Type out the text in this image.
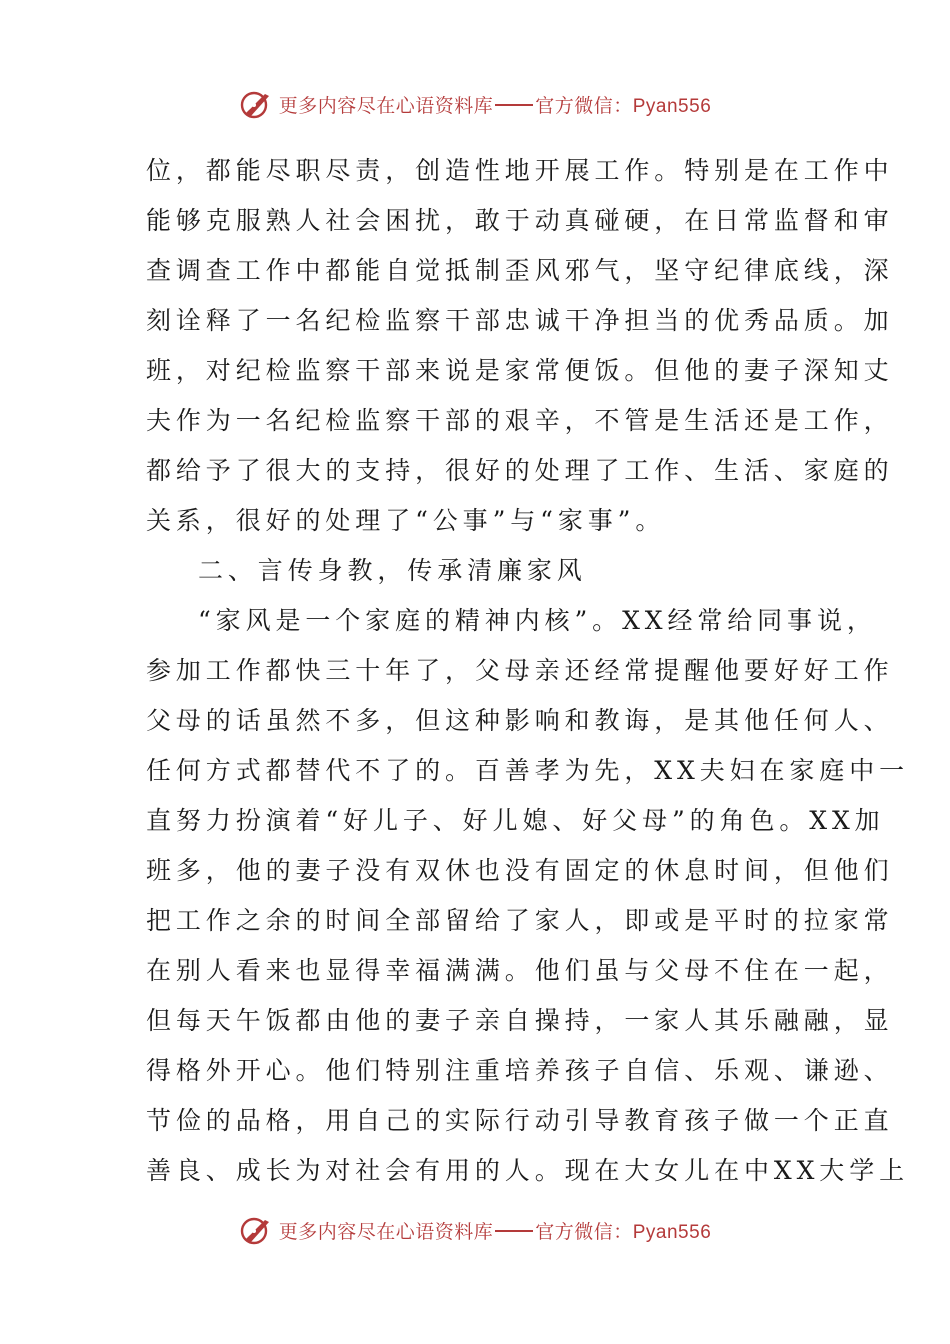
更多内容尽在心语资料库 官方微信：Pyan556
位，都能尽职尽责，创造性地开展工作。特别是在工作中
能够克服熟人社会困扰，敢于动真碰硬，在日常监督和审
查调查工作中都能自觉抵制歪风邪气，坚守纪律底线，深
刻诠释了一名纪检监察干部忠诚干净担当的优秀品质。加
班，对纪检监察干部来说是家常便饭。但他的妻子深知丈
夫作为一名纪检监察干部的艰辛，不管是生活还是工作，
都给予了很大的支持，很好的处理了工作、生活、家庭的
关系，很好的处理了“公事”与“家事”。
二、言传身教，传承清廉家风
“家风是一个家庭的精神内核”。XX经常给同事说，
参加工作都快三十年了，父母亲还经常提醒他要好好工作
父母的话虽然不多，但这种影响和教诲，是其他任何人、
任何方式都替代不了的。百善孝为先，XX夫妇在家庭中一
直努力扮演着“好儿子、好儿媳、好父母”的角色。XX加
班多，他的妻子没有双休也没有固定的休息时间，但他们
把工作之余的时间全部留给了家人，即或是平时的拉家常
在别人看来也显得幸福满满。他们虽与父母不住在一起，
但每天午饭都由他的妻子亲自操持，一家人其乐融融，显
得格外开心。他们特别注重培养孩子自信、乐观、谦逊、
节俭的品格，用自己的实际行动引导教育孩子做一个正直
善良、成长为对社会有用的人。现在大女儿在中XX大学上
更多内容尽在心语资料库 官方微信：Pyan556
